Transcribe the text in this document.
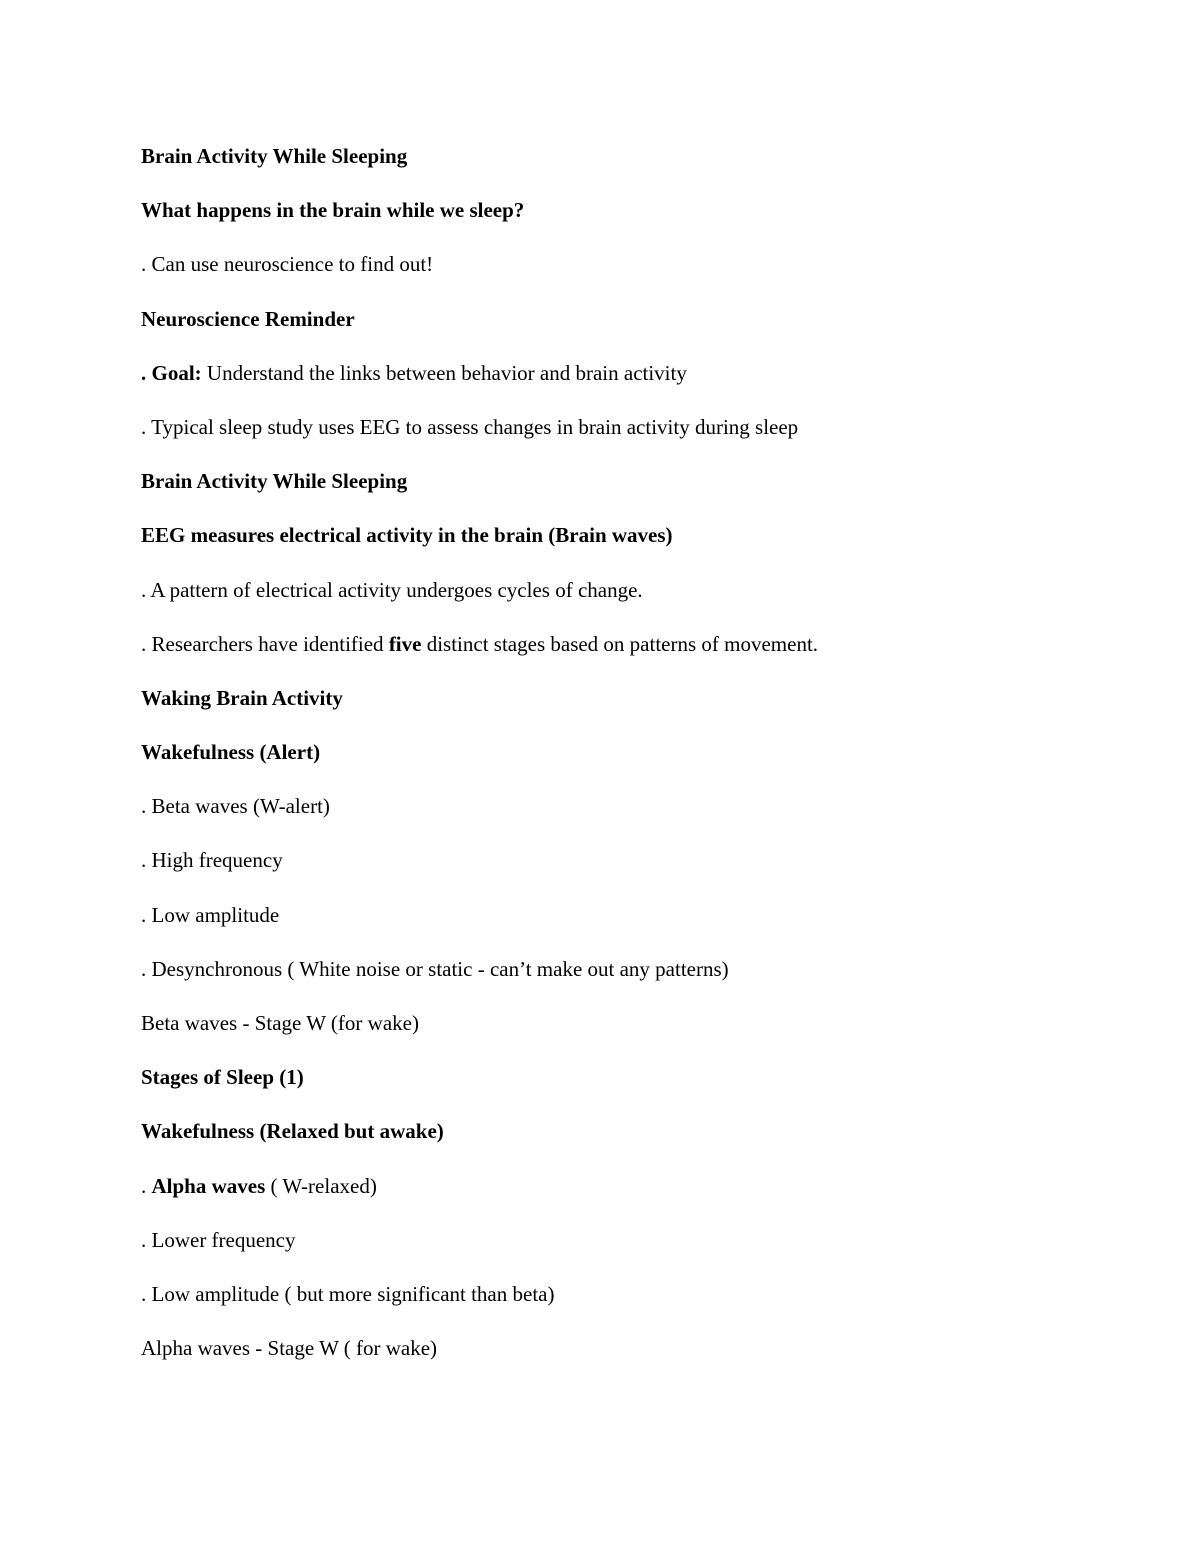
Brain Activity While Sleeping
What happens in the brain while we sleep?
. Can use neuroscience to find out!
Neuroscience Reminder
. Goal: Understand the links between behavior and brain activity
. Typical sleep study uses EEG to assess changes in brain activity during sleep
Brain Activity While Sleeping
EEG measures electrical activity in the brain (Brain waves)
. A pattern of electrical activity undergoes cycles of change.
. Researchers have identified five distinct stages based on patterns of movement.
Waking Brain Activity
Wakefulness (Alert)
. Beta waves (W-alert)
. High frequency
. Low amplitude
. Desynchronous ( White noise or static - can’t make out any patterns)
Beta waves - Stage W (for wake)
Stages of Sleep (1)
Wakefulness (Relaxed but awake)
. Alpha waves ( W-relaxed)
. Lower frequency
. Low amplitude ( but more significant than beta)
Alpha waves - Stage W ( for wake)
